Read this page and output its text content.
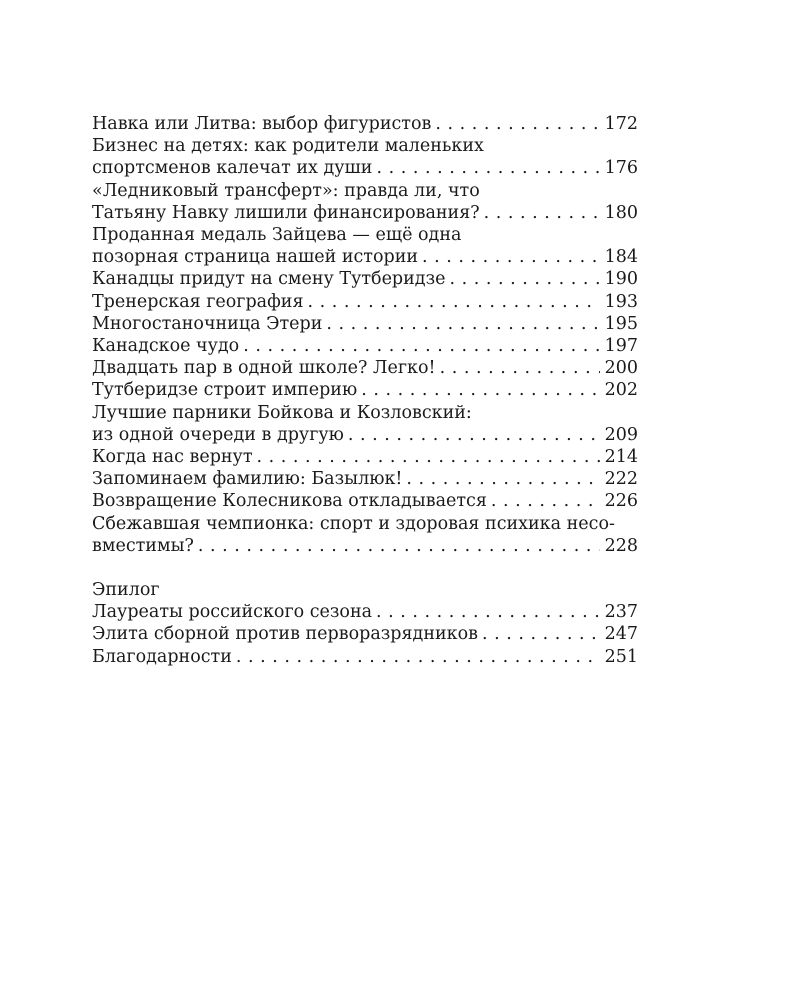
Навка или Литва: выбор фигуристов . . .	172
Бизнес на детях: как родители маленьких
спортсменов калечат их души . . .	176
«Ледниковый трансферт»: правда ли, что
Татьяну Навку лишили финансирования? . . .	180
Проданная медаль Зайцева — ещё одна
позорная страница нашей истории . . .	184
Канадцы придут на смену Тутберидзе . . .	190
Тренерская география . . .	193
Многостаночница Этери . . .	195
Канадское чудо . . .	197
Двадцать пар в одной школе? Легко! . . .	200
Тутберидзе строит империю . . .	202
Лучшие парники Бойкова и Козловский:
из одной очереди в другую . . .	209
Когда нас вернут . . .	214
Запоминаем фамилию: Базылюк! . . .	222
Возвращение Колесникова откладывается . . .	226
Сбежавшая чемпионка: спорт и здоровая психика несо-
вместимы? . . .	228
Эпилог
Лауреаты российского сезона . . .	237
Элита сборной против перворазрядников . . .	247
Благодарности . . .	251
